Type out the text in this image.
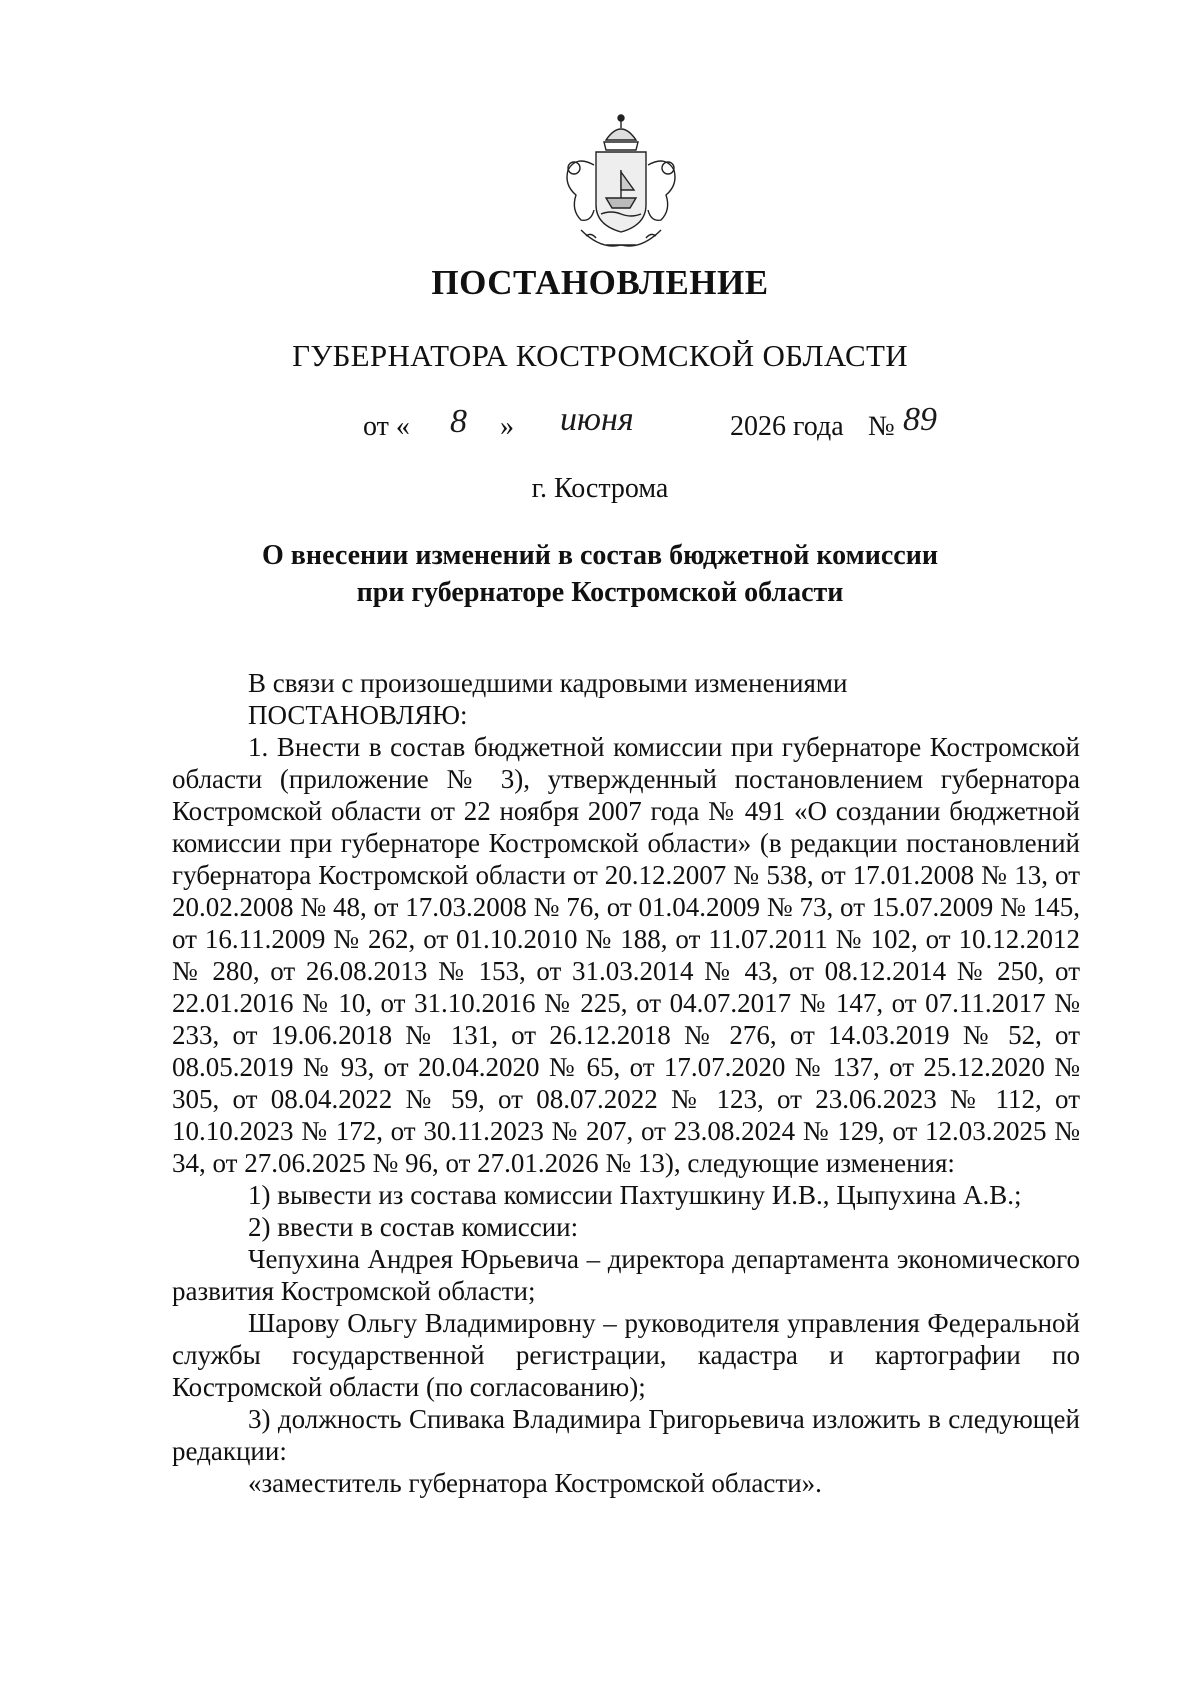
ПОСТАНОВЛЕНИЕ
ГУБЕРНАТОРА КОСТРОМСКОЙ ОБЛАСТИ
от « 8 » июня	2026 года № 89
г. Кострома
О внесении изменений в состав бюджетной комиссии
при губернаторе Костромской области

В связи с произошедшими кадровыми изменениями

ПОСТАНОВЛЯЮ:

1. Внести в состав бюджетной комиссии при губернаторе Костромской области (приложение № 3), утвержденный постановлением губернатора Костромской области от 22 ноября 2007 года № 491 «О создании бюджетной комиссии при губернаторе Костромской области» (в редакции постановлений губернатора Костромской области от 20.12.2007 № 538, от 17.01.2008 № 13, от 20.02.2008 № 48, от 17.03.2008 № 76, от 01.04.2009 № 73, от 15.07.2009 № 145, от 16.11.2009 № 262, от 01.10.2010 № 188, от 11.07.2011 № 102, от 10.12.2012 № 280, от 26.08.2013 № 153, от 31.03.2014 № 43, от 08.12.2014 № 250, от 22.01.2016 № 10, от 31.10.2016 № 225, от 04.07.2017 № 147, от 07.11.2017 № 233, от 19.06.2018 № 131, от 26.12.2018 № 276, от 14.03.2019 № 52, от 08.05.2019 № 93, от 20.04.2020 № 65, от 17.07.2020 № 137, от 25.12.2020 № 305, от 08.04.2022 № 59, от 08.07.2022 № 123, от 23.06.2023 № 112, от 10.10.2023 № 172, от 30.11.2023 № 207, от 23.08.2024 № 129, от 12.03.2025 № 34, от 27.06.2025 № 96, от 27.01.2026 № 13), следующие изменения:

1) вывести из состава комиссии Пахтушкину И.В., Цыпухина А.В.;

2) ввести в состав комиссии:

Чепухина Андрея Юрьевича – директора департамента экономического развития Костромской области;

Шарову Ольгу Владимировну – руководителя управления Федеральной службы государственной регистрации, кадастра и картографии по Костромской области (по согласованию);

3) должность Спивака Владимира Григорьевича изложить в следующей редакции:

«заместитель губернатора Костромской области».
